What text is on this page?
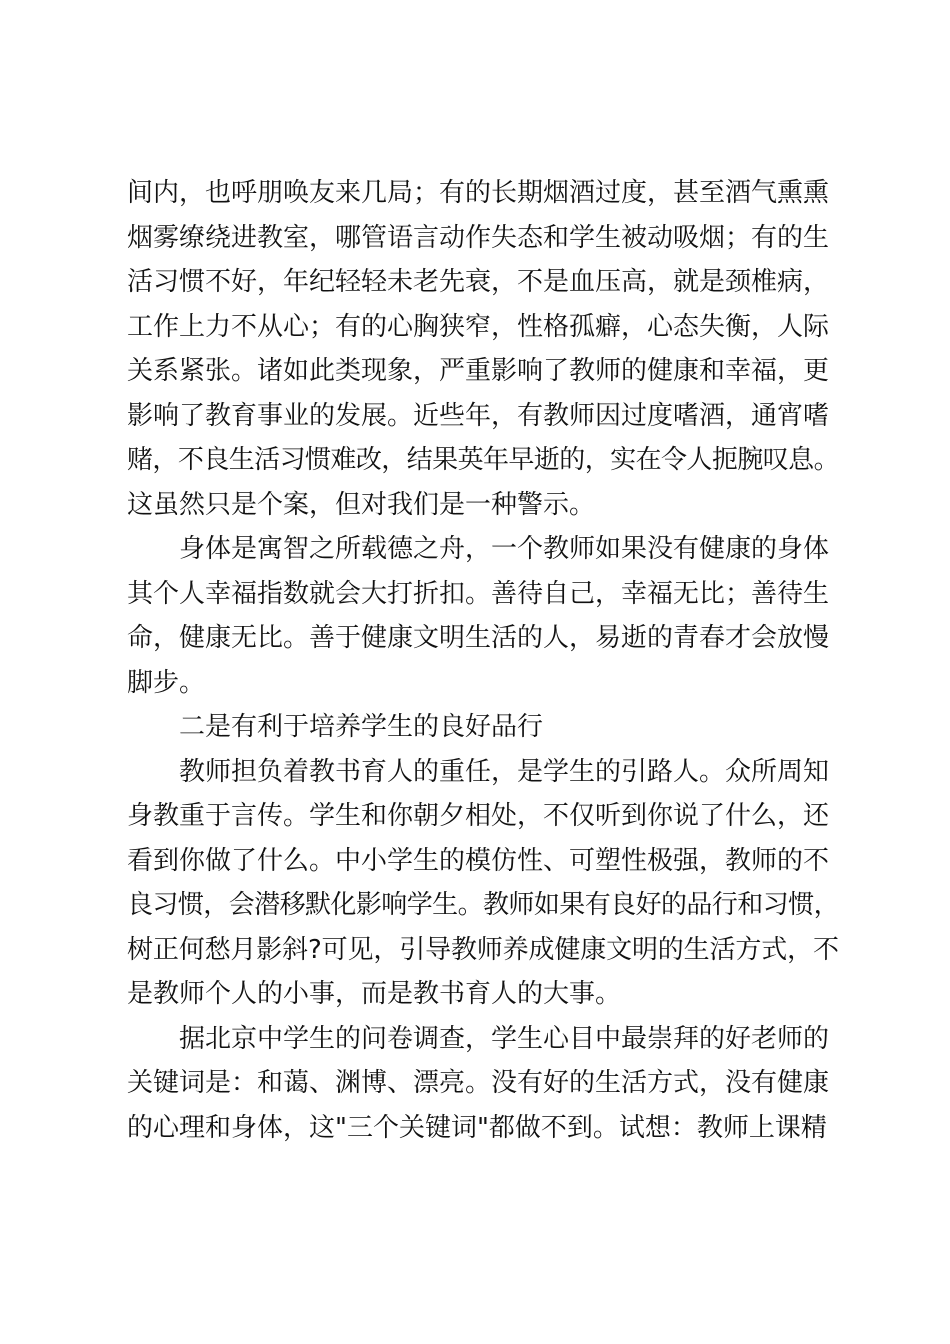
间内，也呼朋唤友来几局；有的长期烟酒过度，甚至酒气熏熏
烟雾缭绕进教室，哪管语言动作失态和学生被动吸烟；有的生
活习惯不好，年纪轻轻未老先衰，不是血压高，就是颈椎病，
工作上力不从心；有的心胸狭窄，性格孤癖，心态失衡，人际
关系紧张。诸如此类现象，严重影响了教师的健康和幸福，更
影响了教育事业的发展。近些年，有教师因过度嗜酒，通宵嗜
赌，不良生活习惯难改，结果英年早逝的，实在令人扼腕叹息。
这虽然只是个案，但对我们是一种警示。
身体是寓智之所载德之舟，一个教师如果没有健康的身体
其个人幸福指数就会大打折扣。善待自己，幸福无比；善待生
命，健康无比。善于健康文明生活的人，易逝的青春才会放慢
脚步。
二是有利于培养学生的良好品行
教师担负着教书育人的重任，是学生的引路人。众所周知
身教重于言传。学生和你朝夕相处，不仅听到你说了什么，还
看到你做了什么。中小学生的模仿性、可塑性极强，教师的不
良习惯，会潜移默化影响学生。教师如果有良好的品行和习惯，
树正何愁月影斜?可见，引导教师养成健康文明的生活方式，不
是教师个人的小事，而是教书育人的大事。
据北京中学生的问卷调查，学生心目中最崇拜的好老师的
关键词是：和蔼、渊博、漂亮。没有好的生活方式，没有健康
的心理和身体，这"三个关键词"都做不到。试想：教师上课精
